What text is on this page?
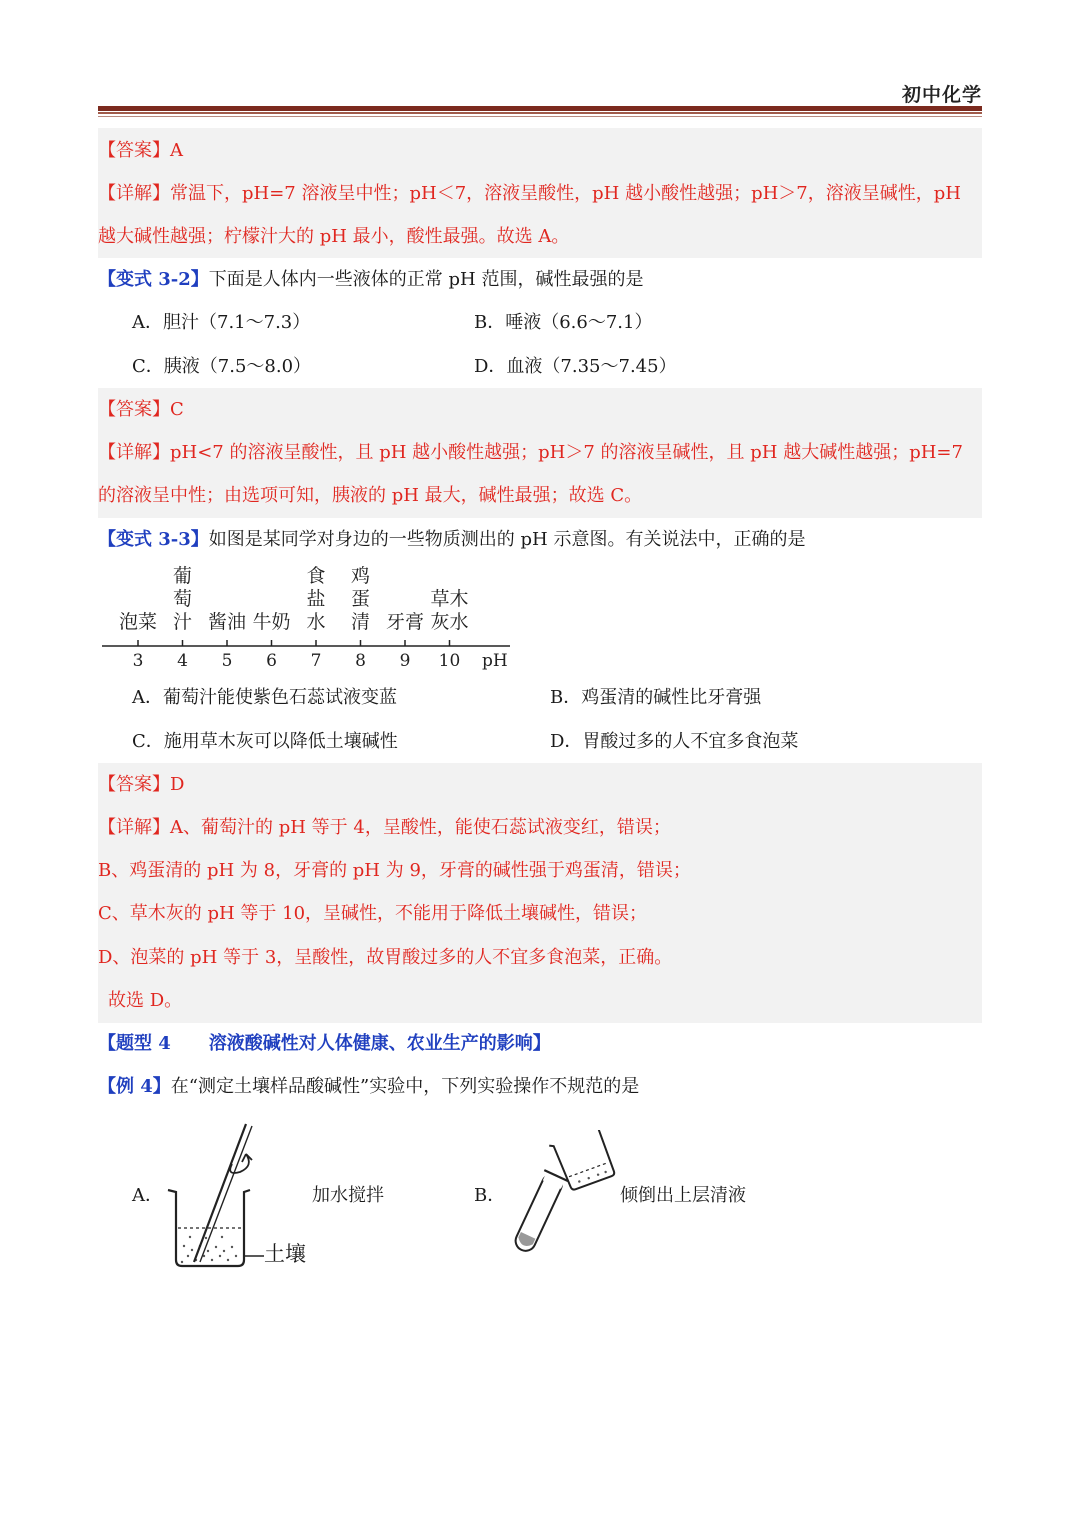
初中化学
【答案】A
【详解】常温下，pH=7 溶液呈中性；pH＜7，溶液呈酸性，pH 越小酸性越强；pH＞7，溶液呈碱性，pH
越大碱性越强；柠檬汁大的 pH 最小，酸性最强。故选 A。
【变式 3-2】下面是人体内一些液体的正常 pH 范围，碱性最强的是
A．胆汁（7.1～7.3）	B．唾液（6.6～7.1）
C．胰液（7.5～8.0）	D．血液（7.35～7.45）
【答案】C
【详解】pH<7 的溶液呈酸性，且 pH 越小酸性越强；pH＞7 的溶液呈碱性，且 pH 越大碱性越强；pH=7
的溶液呈中性；由选项可知，胰液的 pH 最大，碱性最强；故选 C。
【变式 3-3】如图是某同学对身边的一些物质测出的 pH 示意图。有关说法中，正确的是
泡菜
葡
萄
汁 酱油 牛奶
食
盐
水
鸡
蛋
清 牙膏
草木
灰水
3 4 5 6 7 8 9 10 pH
A．葡萄汁能使紫色石蕊试液变蓝	B．鸡蛋清的碱性比牙膏强
C．施用草木灰可以降低土壤碱性	D．胃酸过多的人不宜多食泡菜
【答案】D
【详解】A、葡萄汁的 pH 等于 4，呈酸性，能使石蕊试液变红，错误；
B、鸡蛋清的 pH 为 8，牙膏的 pH 为 9，牙膏的碱性强于鸡蛋清，错误；
C、草木灰的 pH 等于 10，呈碱性，不能用于降低土壤碱性，错误；
D、泡菜的 pH 等于 3，呈酸性，故胃酸过多的人不宜多食泡菜，正确。
故选 D。
【题型 4 溶液酸碱性对人体健康、农业生产的影响】
【例 4】在“测定土壤样品酸碱性”实验中，下列实验操作不规范的是
A．
土壤
加水搅拌	B．	倾倒出上层清液
